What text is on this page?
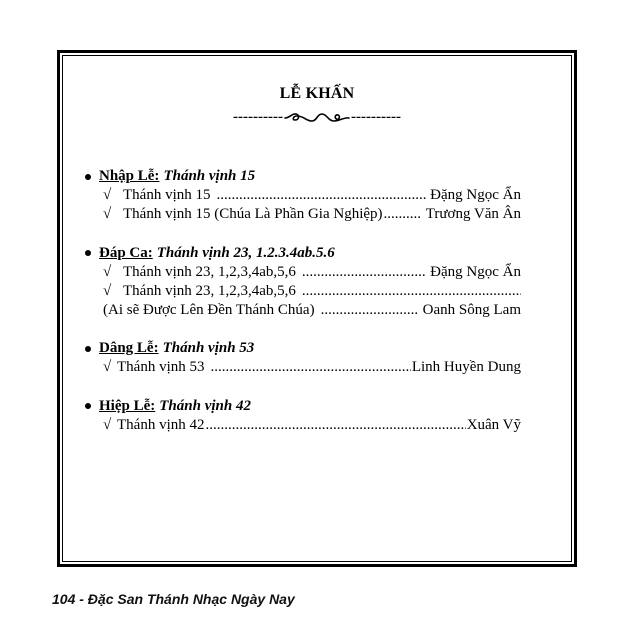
LỄ KHẤN
----------	----------
Nhập Lễ: Thánh vịnh 15
√ Thánh vịnh 15 .....	Đặng Ngọc Ẩn
√ Thánh vịnh 15 (Chúa Là Phần Gia Nghiệp) .....	Trương Văn Ân
Đáp Ca: Thánh vịnh 23, 1.2.3.4ab.5.6
√ Thánh vịnh 23, 1,2,3,4ab,5,6 .....	Đặng Ngọc Ẩn
√ Thánh vịnh 23, 1,2,3,4ab,5,6
.....
(Ai sẽ Được Lên Đền Thánh Chúa) .....	Oanh Sông Lam
Dâng Lễ: Thánh vịnh 53
√ Thánh vịnh 53 .....	Linh Huyền Dung
Hiệp Lễ: Thánh vịnh 42
√ Thánh vịnh 42 .....	Xuân Vỹ
104 - Đặc San Thánh Nhạc Ngày Nay
